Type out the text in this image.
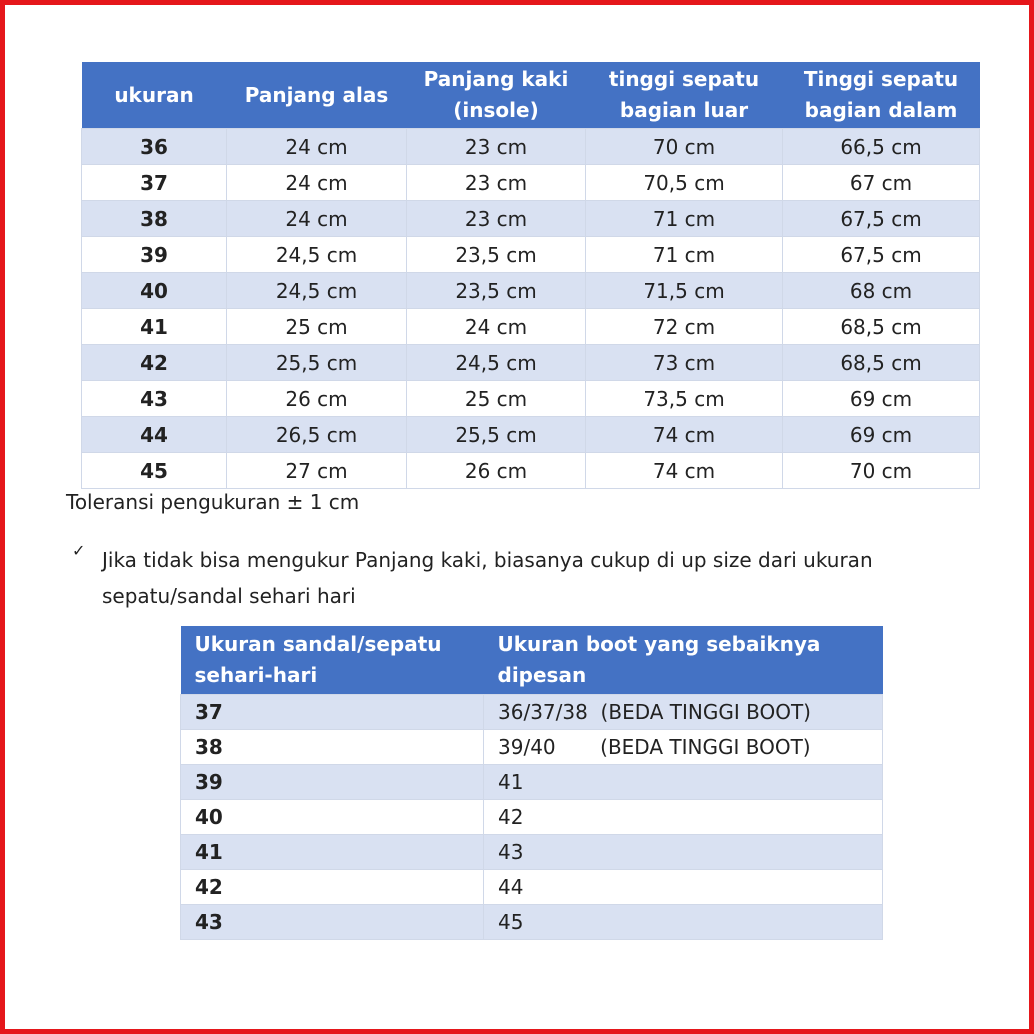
ukuran	Panjang alas	Panjang kaki (insole)	tinggi sepatu bagian luar	Tinggi sepatu bagian dalam
36	24 cm	23 cm	70 cm	66,5 cm
37	24 cm	23 cm	70,5 cm	67 cm
38	24 cm	23 cm	71 cm	67,5 cm
39	24,5 cm	23,5 cm	71 cm	67,5 cm
40	24,5 cm	23,5 cm	71,5 cm	68 cm
41	25 cm	24 cm	72 cm	68,5 cm
42	25,5 cm	24,5 cm	73 cm	68,5 cm
43	26 cm	25 cm	73,5 cm	69 cm
44	26,5 cm	25,5 cm	74 cm	69 cm
45	27 cm	26 cm	74 cm	70 cm
Toleransi pengukuran ± 1 cm
✓ Jika tidak bisa mengukur Panjang kaki, biasanya cukup di up size dari ukuran sepatu/sandal sehari hari
Ukuran sandal/sepatu sehari-hari	Ukuran boot yang sebaiknya dipesan
37	36/37/38  (BEDA TINGGI BOOT)
38	39/40       (BEDA TINGGI BOOT)
39	41
40	42
41	43
42	44
43	45
